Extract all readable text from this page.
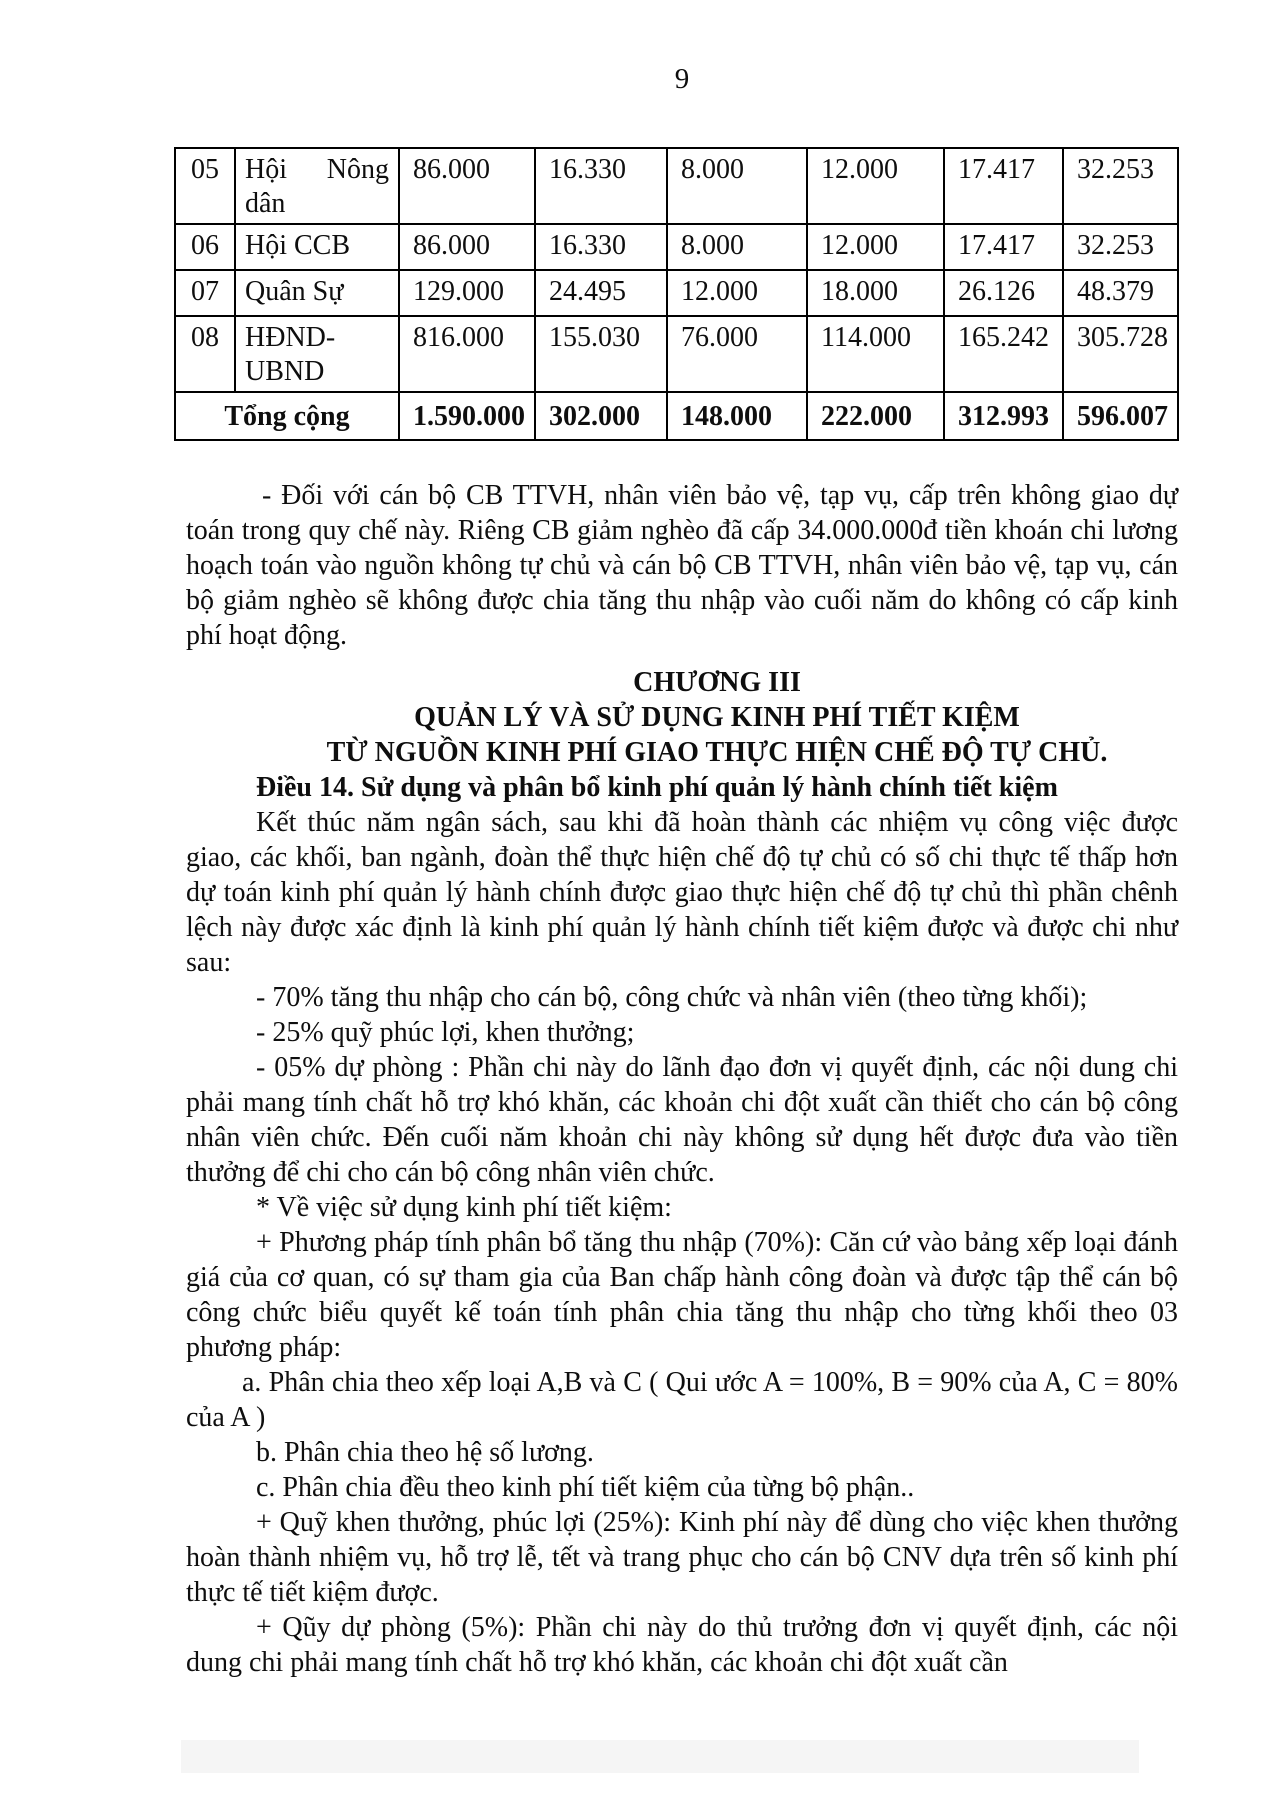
9
05	Hội Nông dân	86.000	16.330	8.000	12.000	17.417	32.253
06	Hội CCB	86.000	16.330	8.000	12.000	17.417	32.253
07	Quân Sự	129.000	24.495	12.000	18.000	26.126	48.379
08	HĐND-UBND	816.000	155.030	76.000	114.000	165.242	305.728
Tổng cộng		1.590.000	302.000	148.000	222.000	312.993	596.007

- Đối với cán bộ CB TTVH, nhân viên bảo vệ, tạp vụ, cấp trên không giao dự toán trong quy chế này. Riêng CB giảm nghèo đã cấp 34.000.000đ tiền khoán chi lương hoạch toán vào nguồn không tự chủ và cán bộ CB TTVH, nhân viên bảo vệ, tạp vụ, cán bộ giảm nghèo sẽ không được chia tăng thu nhập vào cuối năm do không có cấp kinh phí hoạt động.

CHƯƠNG III

QUẢN LÝ VÀ SỬ DỤNG KINH PHÍ TIẾT KIỆM

TỪ NGUỒN KINH PHÍ GIAO THỰC HIỆN CHẾ ĐỘ TỰ CHỦ.

Điều 14. Sử dụng và phân bổ kinh phí quản lý hành chính tiết kiệm

Kết thúc năm ngân sách, sau khi đã hoàn thành các nhiệm vụ công việc được giao, các khối, ban ngành, đoàn thể thực hiện chế độ tự chủ có số chi thực tế thấp hơn dự toán kinh phí quản lý hành chính được giao thực hiện chế độ tự chủ thì phần chênh lệch này được xác định là kinh phí quản lý hành chính tiết kiệm được và được chi như sau:

- 70% tăng thu nhập cho cán bộ, công chức và nhân viên (theo từng khối);

- 25% quỹ phúc lợi, khen thưởng;

- 05% dự phòng : Phần chi này do lãnh đạo đơn vị quyết định, các nội dung chi phải mang tính chất hỗ trợ khó khăn, các khoản chi đột xuất cần thiết cho cán bộ công nhân viên chức. Đến cuối năm khoản chi này không sử dụng hết được đưa vào tiền thưởng để chi cho cán bộ công nhân viên chức.

* Về việc sử dụng kinh phí tiết kiệm:

+ Phương pháp tính phân bổ tăng thu nhập (70%): Căn cứ vào bảng xếp loại đánh giá của cơ quan, có sự tham gia của Ban chấp hành công đoàn và được tập thể cán bộ công chức biểu quyết kế toán tính phân chia tăng thu nhập cho từng khối theo 03 phương pháp:

a. Phân chia theo xếp loại A,B và C ( Qui ước A = 100%, B = 90% của A, C = 80% của A )

b. Phân chia theo hệ số lương.

c. Phân chia đều theo kinh phí tiết kiệm của từng bộ phận..

+ Quỹ khen thưởng, phúc lợi (25%): Kinh phí này để dùng cho việc khen thưởng hoàn thành nhiệm vụ, hỗ trợ lễ, tết và trang phục cho cán bộ CNV dựa trên số kinh phí thực tế tiết kiệm được.

+ Qũy dự phòng (5%): Phần chi này do thủ trưởng đơn vị quyết định, các nội dung chi phải mang tính chất hỗ trợ khó khăn, các khoản chi đột xuất cần
